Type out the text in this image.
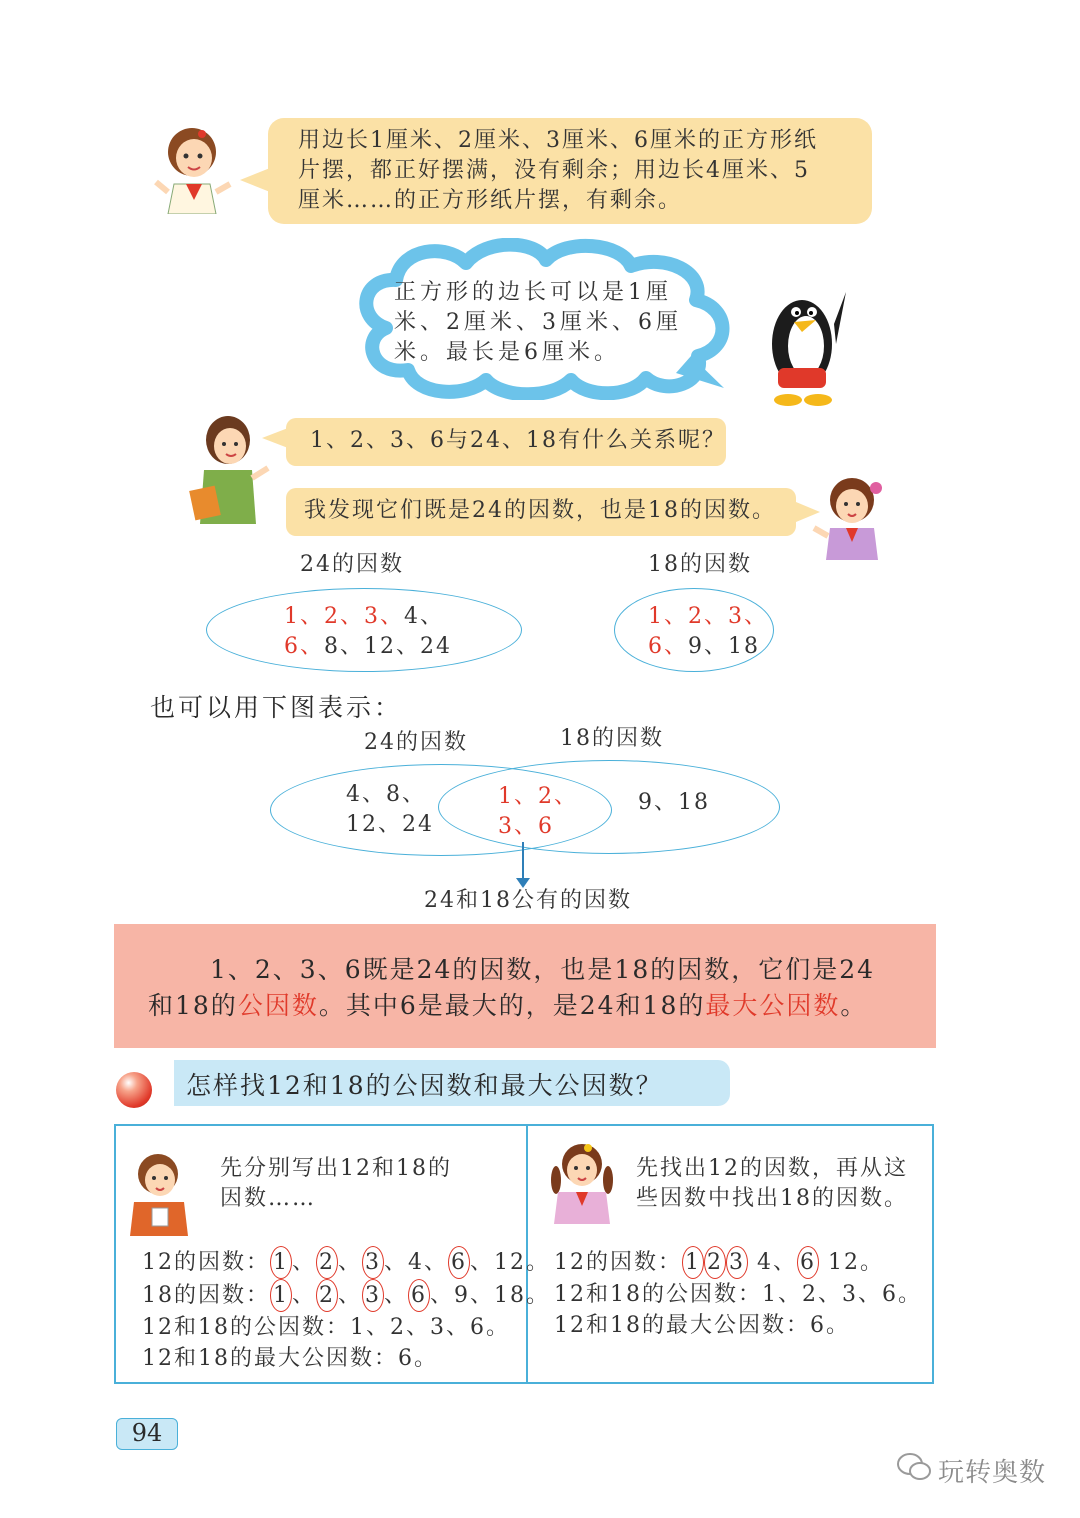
用边长1厘米、2厘米、3厘米、6厘米的正方形纸
片摆，都正好摆满，没有剩余；用边长4厘米、5
厘米……的正方形纸片摆，有剩余。
正方形的边长可以是1厘
米、2厘米、3厘米、6厘
米。最长是6厘米。
1、2、3、6与24、18有什么关系呢？
我发现它们既是24的因数，也是18的因数。
24的因数	18的因数
1、2、3、4、
6、8、12、24
1、2、3、
6、9、18
也可以用下图表示：
24的因数	18的因数
4、8、
12、24
1、2、
3、6
9、18
24和18公有的因数
1、2、3、6既是24的因数，也是18的因数，它们是24
和18的公因数。其中6是最大的，是24和18的最大公因数。
怎样找12和18的公因数和最大公因数？
先分别写出12和18的
因数……
12的因数： 1 、 2 、 3 、4、 6 、12。
18的因数： 1 、 2 、 3 、 6 、9、18。
12和18的公因数：1、2、3、6。
12和18的最大公因数：6。
先找出12的因数，再从这
些因数中找出18的因数。
12的因数： 1 2 3 4、 6 12。
12和18的公因数：1、2、3、6。
12和18的最大公因数：6。
94
玩转奥数
